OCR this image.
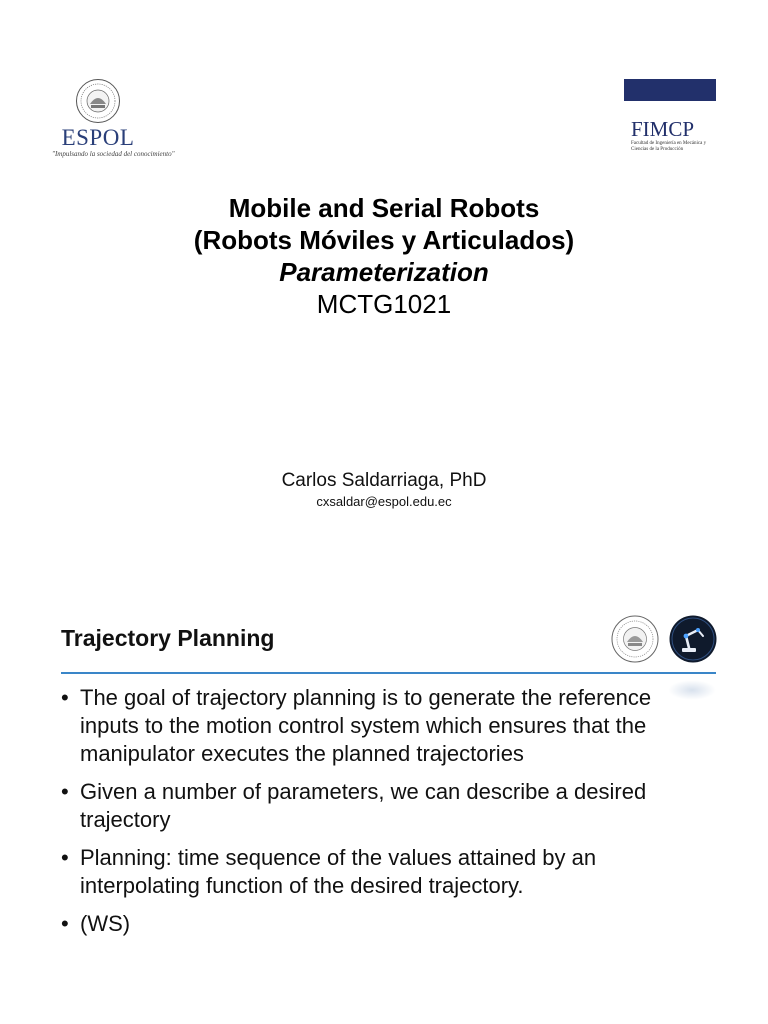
ESPOL
"Impulsando la sociedad del conocimiento"
FIMCP
Facultad de Ingeniería en Mecánica y Ciencias de la Producción
Mobile and Serial Robots
(Robots Móviles y Articulados)
Parameterization
MCTG1021
Carlos Saldarriaga, PhD
cxsaldar@espol.edu.ec
Trajectory Planning
• The goal of trajectory planning is to generate the reference inputs to the motion control system which ensures that the manipulator executes the planned trajectories
• Given a number of parameters, we can describe a desired trajectory
• Planning: time sequence of the values attained by an interpolating function of the desired trajectory.
• (WS)
